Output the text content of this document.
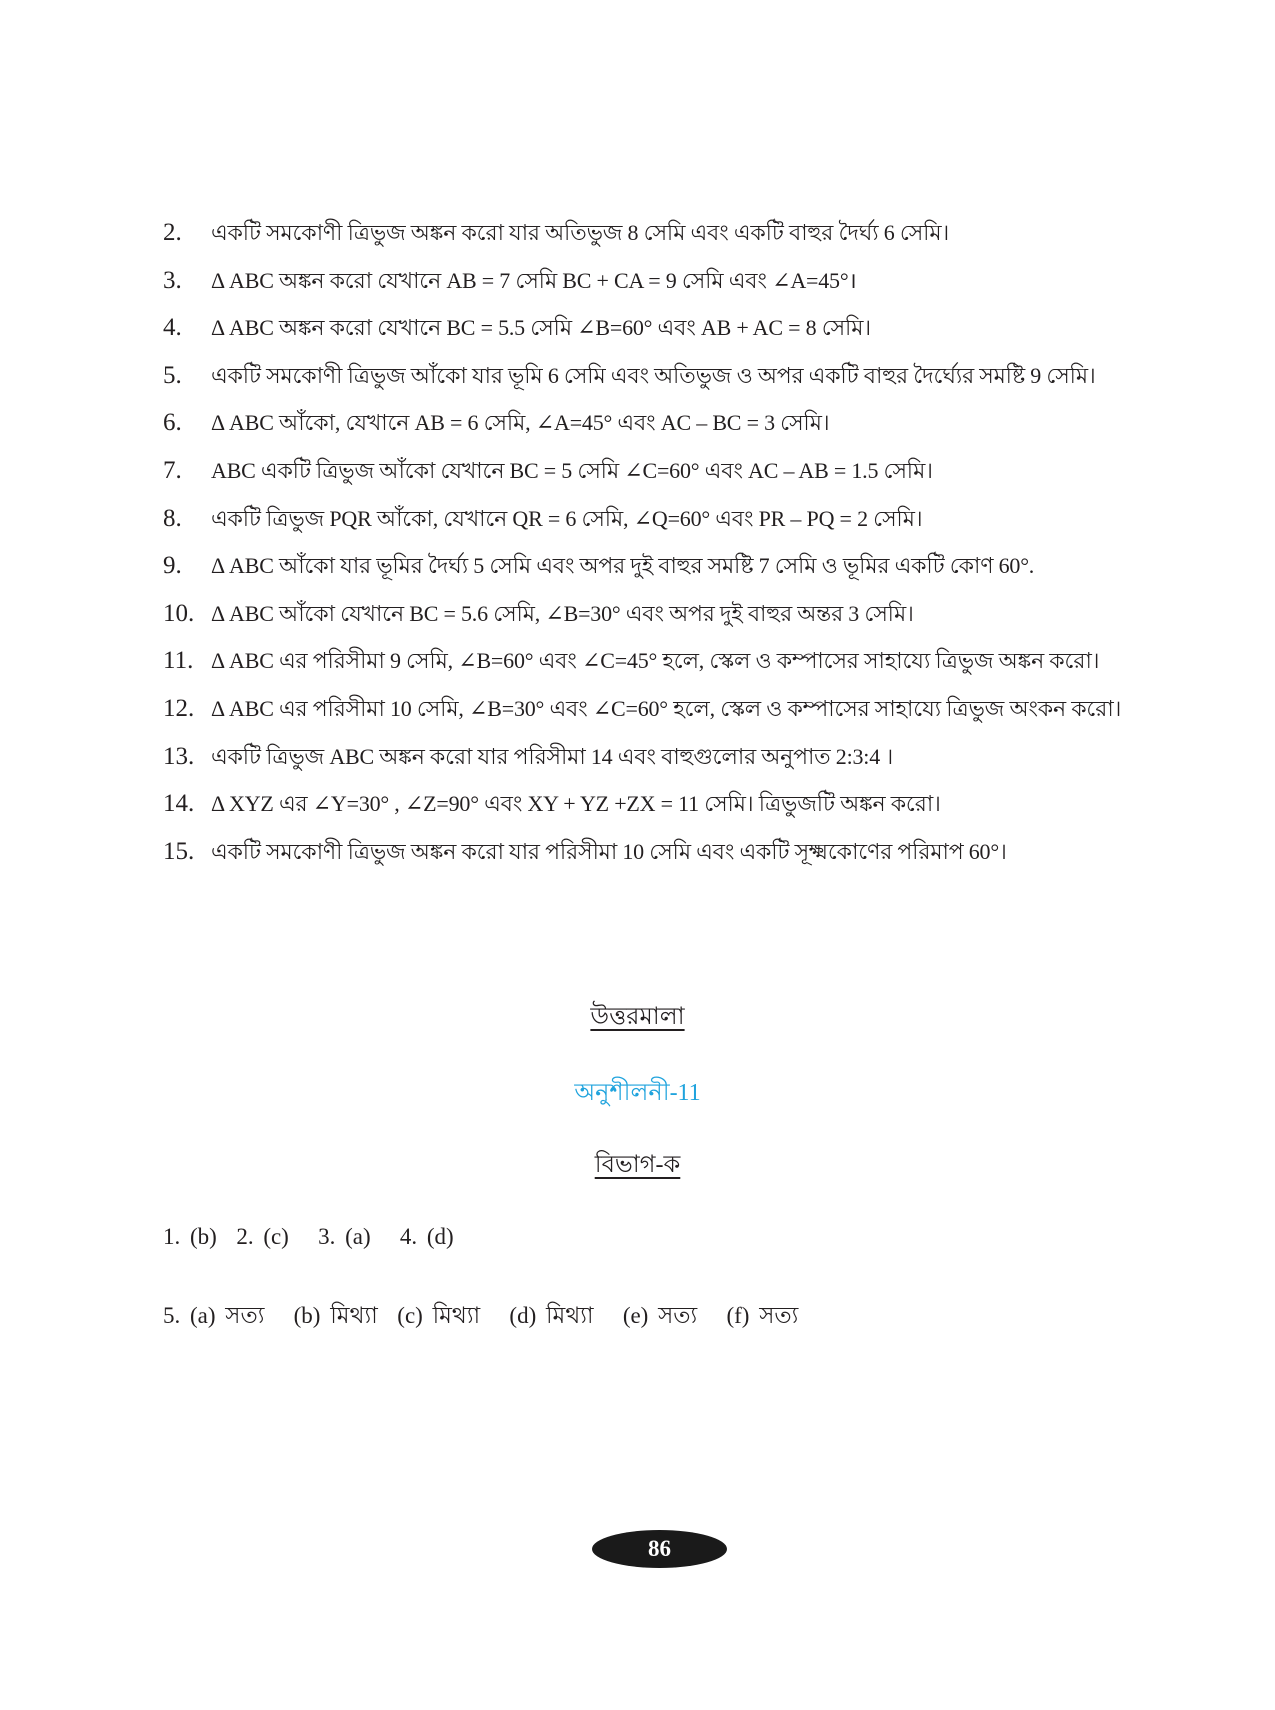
2.	একটি সমকোণী ত্রিভুজ অঙ্কন করো যার অতিভুজ 8 সেমি এবং একটি বাহুর দৈর্ঘ্য 6 সেমি।
3.	Δ ABC অঙ্কন করো যেখানে AB = 7 সেমি BC + CA = 9 সেমি এবং ∠A=45°।
4.	Δ ABC অঙ্কন করো যেখানে BC = 5.5 সেমি ∠B=60° এবং AB + AC = 8 সেমি।
5.	একটি সমকোণী ত্রিভুজ আঁকো যার ভূমি 6 সেমি এবং অতিভুজ ও অপর একটি বাহুর দৈর্ঘ্যের সমষ্টি 9 সেমি।
6.	Δ ABC আঁকো, যেখানে AB = 6 সেমি, ∠A=45° এবং AC – BC = 3 সেমি।
7.	ABC একটি ত্রিভুজ আঁকো যেখানে BC = 5 সেমি ∠C=60° এবং AC – AB = 1.5 সেমি।
8.	একটি ত্রিভুজ PQR আঁকো, যেখানে QR = 6 সেমি, ∠Q=60° এবং PR – PQ = 2 সেমি।
9.	Δ ABC আঁকো যার ভূমির দৈর্ঘ্য 5 সেমি এবং অপর দুই বাহুর সমষ্টি 7 সেমি ও ভূমির একটি কোণ 60°.
10. Δ ABC আঁকো যেখানে BC = 5.6 সেমি, ∠B=30° এবং অপর দুই বাহুর অন্তর 3 সেমি।
11. Δ ABC এর পরিসীমা 9 সেমি, ∠B=60° এবং ∠C=45° হলে, স্কেল ও কম্পাসের সাহায্যে ত্রিভুজ অঙ্কন করো।
12. Δ ABC এর পরিসীমা 10 সেমি, ∠B=30° এবং ∠C=60° হলে, স্কেল ও কম্পাসের সাহায্যে ত্রিভুজ অংকন করো।
13. একটি ত্রিভুজ ABC অঙ্কন করো যার পরিসীমা 14 এবং বাহুগুলোর অনুপাত 2:3:4 ।
14. Δ XYZ এর ∠Y=30° , ∠Z=90° এবং XY + YZ +ZX = 11 সেমি। ত্রিভুজটি অঙ্কন করো।
15. একটি সমকোণী ত্রিভুজ অঙ্কন করো যার পরিসীমা 10 সেমি এবং একটি সূক্ষ্মকোণের পরিমাপ 60°।
উত্তরমালা
অনুশীলনী-11
বিভাগ-ক
1. (b)  2. (c)   3. (a)   4. (d)
5. (a) সত্য   (b) মিথ্যা  (c) মিথ্যা   (d) মিথ্যা   (e) সত্য   (f) সত্য
86
